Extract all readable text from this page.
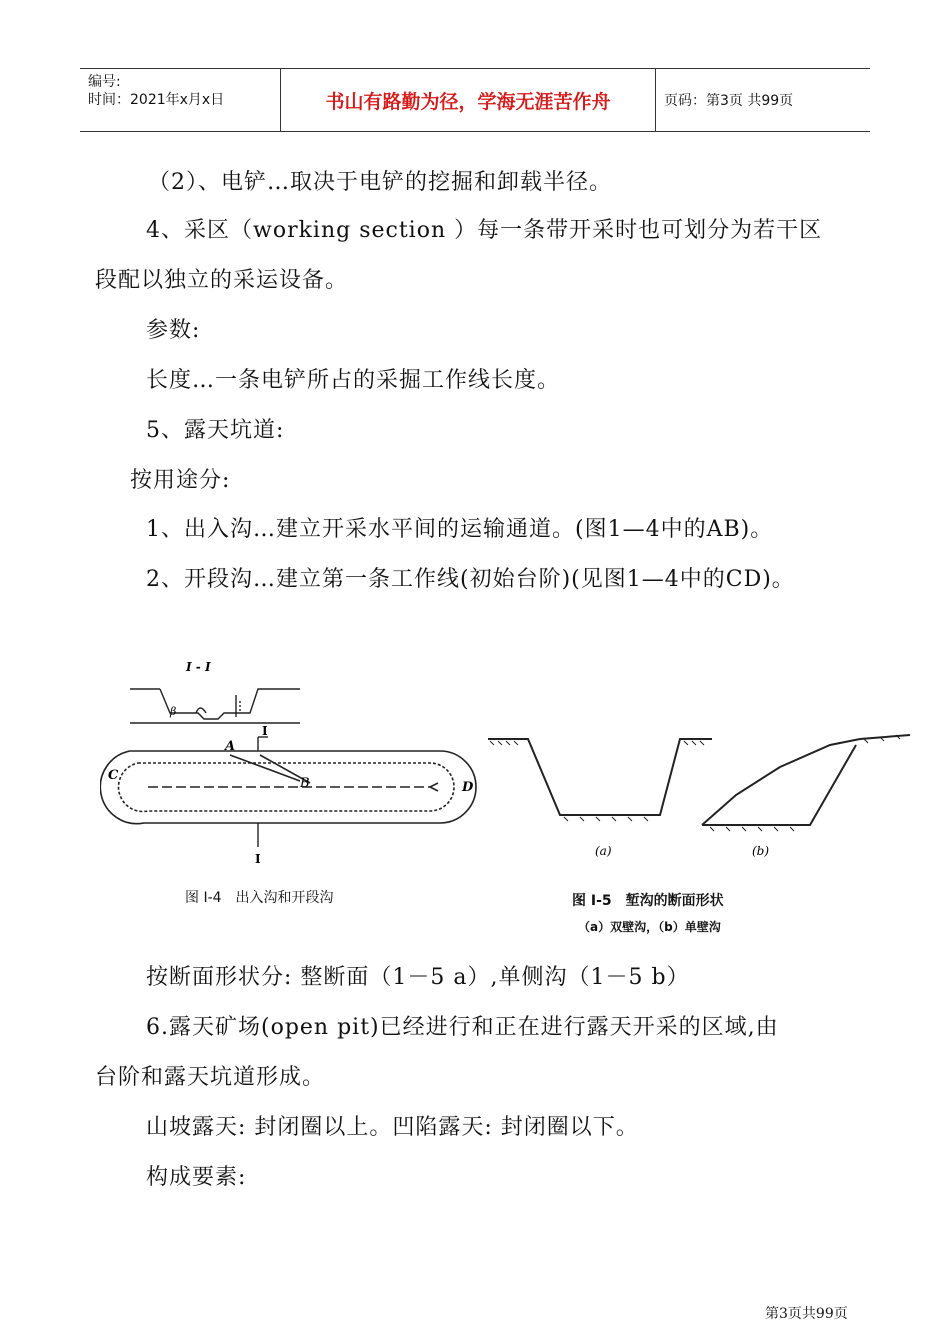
编号:
时间：2021年x月x日	书山有路勤为径，学海无涯苦作舟	页码：第3页 共99页
（2）、电铲…取决于电铲的挖掘和卸载半径。
4、采区（working section ）每一条带开采时也可划分为若干区
段配以独立的采运设备。
参数:
长度…一条电铲所占的采掘工作线长度。
5、露天坑道:
按用途分:
1、出入沟…建立开采水平间的运输通道。(图1—4中的AB)。
2、开段沟…建立第一条工作线(初始台阶)(见图1—4中的CD)。
I - I
β
I
A
B
C
D
I
图 I-4　出入沟和开段沟
(a)	(b)
图 I-5　堑沟的断面形状
（a）双壁沟，（b）单壁沟
按断面形状分: 整断面（1－5 a）,单侧沟（1－5 b）
6.露天矿场(open pit)已经进行和正在进行露天开采的区域,由
台阶和露天坑道形成。
山坡露天: 封闭圈以上。凹陷露天: 封闭圈以下。
构成要素:
第3页共99页
